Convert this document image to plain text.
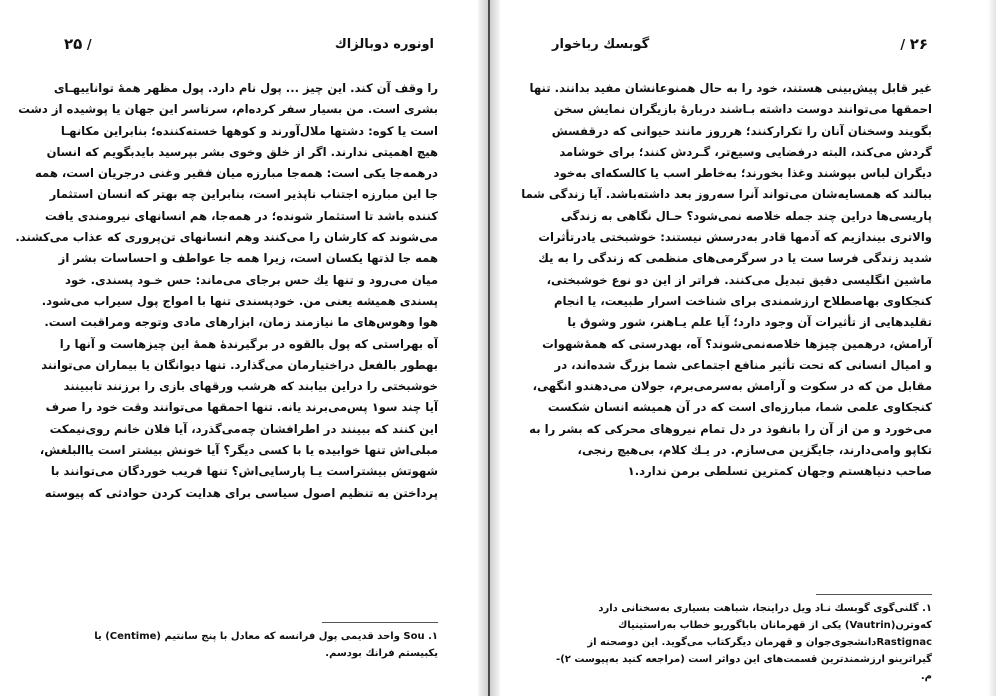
اونوره دوبالزاك
/ ۲۵
را وقف آن کند. این چیز ... پول نام دارد. پول مظهر همهٔ تواناییهـای
بشری است. من بسیار سفر کرده‌ام، سرتاسر این جهان یا پوشیده از دشت
است یا کوه: دشتها ملال‌آورند و کوهها خسته‌کننده؛ بنابراین مکانهـا
هیچ اهمیتی ندارند. اگر از خلق وخوی بشر بپرسید بایدبگویم که انسان
درهمه‌جا یکی است: همه‌جا مبارزه میان فقیر وغنی درجریان است، همه
جا این مبارزه اجتناب ناپذیر است، بنابراین چه بهتر که انسان استثمار
کننده باشد تا استثمار شونده؛ در همه‌جا، هم انسانهای نیرومندی یافت
می‌شوند که کارشان را می‌کنند وهم انسانهای تن‌پروری که عذاب می‌کشند.
همه جا لذتها یکسان است، زیرا همه جا عواطف و احساسات بشر از
میان می‌رود و تنها یك حس برجای می‌ماند: حس خـود پسندی. خود
پسندی همیشه یعنی من. خودپسندی تنها با امواج پول سیراب می‌شود.
هوا وهوس‌های ما نیازمند زمان، ابزارهای مادی وتوجه ومراقبت است.
آه بهراستی که پول بالقوه در برگیرندهٔ همهٔ این چیزهاست و آنها را
بهطور بالفعل دراختیارمان می‌گذارد. تنها دیوانگان یا بیماران می‌توانند
خوشبختی را دراین بیابند که هرشب ورقهای بازی را برزنند تاببینند
آیا چند سو۱ پس‌می‌برند یانه. تنها احمقها می‌توانند وقت خود را صرف
این کنند که ببینند در اطرافشان چه‌می‌گذرد، آیا فلان خانم روی‌نیمکت
مبلی‌اش تنها خوابیده یا با کسی دیگر؟ آیا خونش بیشتر است یاالبلغش،
شهوتش بیشتراست یـا پارسایی‌اش؟ تنها فریب خوردگان می‌توانند با
پرداختن به تنظیم اصول سیاسی برای هدایت کردن حوادثی که پیوسته
Sou .۱ واحد قدیمی پول فرانسه که معادل با پنج سانتیم (Centime) یا یكبیستم فرانك بودسم.
۲۶ /
گوبسك رباخوار
غیر قابل پیش‌بینی هستند، خود را به حال همنوعانشان مفید بدانند. تنها
احمقها می‌توانند دوست داشته بـاشند دربارهٔ بازیگران نمایش سخن
بگویند وسخنان آنان را تکرارکنند؛ هرروز مانند حیوانی که درقفسش
گردش می‌کند، البته درفضایی وسیع‌تر، گـردش کنند؛ برای خوشامد
دیگران لباس بپوشند وغذا بخورند؛ به‌خاطر اسب یا کالسکه‌ای به‌خود
ببالند که همسایه‌شان می‌تواند آنرا سه‌روز بعد داشته‌باشد. آیا زندگی شما
پاریسی‌ها دراین چند جمله خلاصه نمی‌شود؟ حـال نگاهی به زندگی
والاتری بیندازیم که آدمها قادر به‌درسش نیستند: خوشبختی یادرتأثرات
شدید زندگی فرسا ست یا در سرگرمی‌های منظمی که زندگی را به یك
ماشین انگلیسی دقیق تبدیل می‌کنند. فراتر از این دو نوع خوشبختی،
کنجکاوی بهاصطلاح ارزشمندی برای شناخت اسرار طبیعت، یا انجام
تقلیدهایی از تأثیرات آن وجود دارد؛ آیا علم یـاهنر، شور وشوق یا
آرامش، درهمین چیزها خلاصه‌نمی‌شوند؟ آه، بهدرستی که همهٔ‌شهوات
و امیال انسانی که تحت تأثیر منافع اجتماعی شما بزرگ شده‌اند، در
مقابل من که در سکوت و آرامش به‌سرمی‌برم، جولان می‌دهندو انگهی،
کنجکاوی علمی شما، مبارزه‌ای است که در آن همیشه انسان شکست
می‌خورد و من از آن را بانفوذ در دل تمام نیروهای محرکی که بشر را به
تکاپو وامی‌دارند، جایگزین می‌سازم. در یـك کلام، بی‌هیچ رنجی،
صاحب دنیاهستم وجهان کمترین تسلطی برمن ندارد.۱
۱. گلنی‌گوی گوبسك نـاد ویل دراینجا، شباهت بسیاری به‌سخنانی دارد که‌وترن(Vautrin) یکی از قهرمانان باباگوریو خطاب به‌راستینیاك Rastignacدانشجوی‌جوان و قهرمان دیگرکتاب می‌گوید. این دوصحنه از گیراترینو ارزشمندترین قسمت‌های این دواثر است (مراجعه کنید به‌پیوست ۲)-م.
